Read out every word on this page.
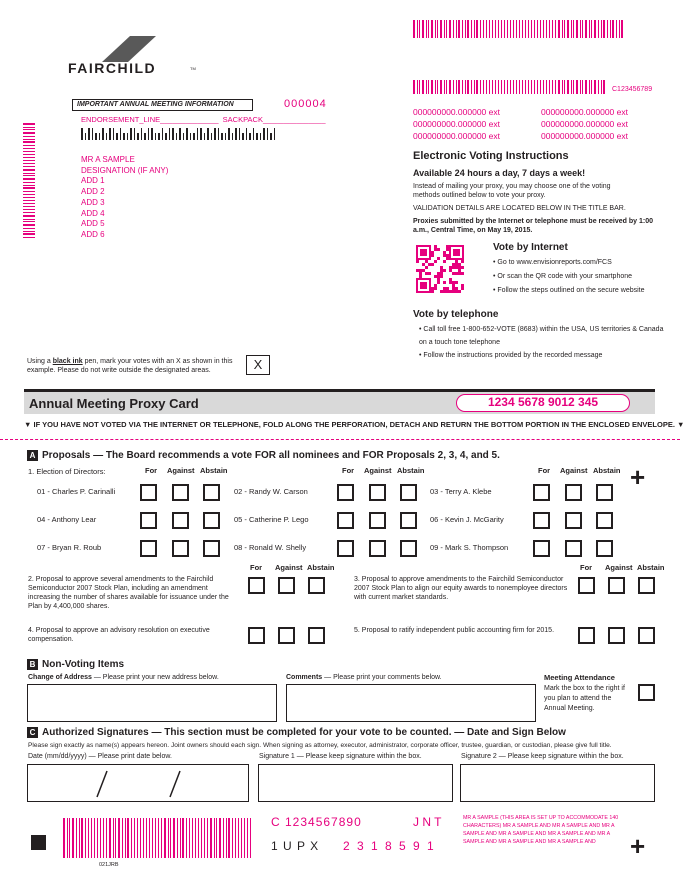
C123456789
FAIRCHILD	TM
IMPORTANT ANNUAL MEETING INFORMATION	000004
ENDORSEMENT_LINE______________ SACKPACK_______________
MR A SAMPLE
DESIGNATION (IF ANY)
ADD 1
ADD 2
ADD 3
ADD 4
ADD 5
ADD 6
000000000.000000 ext	000000000.000000 ext
000000000.000000 ext	000000000.000000 ext
000000000.000000 ext	000000000.000000 ext
Electronic Voting Instructions
Available 24 hours a day, 7 days a week!
Instead of mailing your proxy, you may choose one of the voting methods outlined below to vote your proxy.
VALIDATION DETAILS ARE LOCATED BELOW IN THE TITLE BAR.
Proxies submitted by the Internet or telephone must be received by 1:00 a.m., Central Time, on May 19, 2015.
Vote by Internet
• Go to www.envisionreports.com/FCS
• Or scan the QR code with your smartphone
• Follow the steps outlined on the secure website
Vote by telephone
• Call toll free 1-800-652-VOTE (8683) within the USA, US territories & Canada on a touch tone telephone
• Follow the instructions provided by the recorded message
Using a black ink pen, mark your votes with an X as shown in this example. Please do not write outside the designated areas.	X
Annual Meeting Proxy Card	1234 5678 9012 345
▼ IF YOU HAVE NOT VOTED VIA THE INTERNET OR TELEPHONE, FOLD ALONG THE PERFORATION, DETACH AND RETURN THE BOTTOM PORTION IN THE ENCLOSED ENVELOPE. ▼
A Proposals — The Board recommends a vote FOR all nominees and FOR Proposals 2, 3, 4, and 5.
1. Election of Directors:	For Against Abstain	For Against Abstain	For Against Abstain
01 - Charles P. Carinalli	02 - Randy W. Carson	03 - Terry A. Klebe
04 - Anthony Lear	05 - Catherine P. Lego	06 - Kevin J. McGarity
07 - Bryan R. Roub	08 - Ronald W. Shelly	09 - Mark S. Thompson
+
For Against Abstain	For Against Abstain
2. Proposal to approve several amendments to the Fairchild Semiconductor 2007 Stock Plan, including an amendment increasing the number of shares available for issuance under the Plan by 4,400,000 shares.
3. Proposal to approve amendments to the Fairchild Semiconductor 2007 Stock Plan to align our equity awards to nonemployee directors with current market standards.
4. Proposal to approve an advisory resolution on executive compensation.
5. Proposal to ratify independent public accounting firm for 2015.
B Non-Voting Items
Change of Address — Please print your new address below.	Comments — Please print your comments below.	Meeting Attendance
Mark the box to the right if you plan to attend the Annual Meeting.
C Authorized Signatures — This section must be completed for your vote to be counted. — Date and Sign Below
Please sign exactly as name(s) appears hereon. Joint owners should each sign. When signing as attorney, executor, administrator, corporate officer, trustee, guardian, or custodian, please give full title.
Date (mm/dd/yyyy) — Please print date below.	Signature 1 — Please keep signature within the box.	Signature 2 — Please keep signature within the box.
C 1234567890	J N T
1 U P X 2 3 1 8 5 9 1
MR A SAMPLE (THIS AREA IS SET UP TO ACCOMMODATE 140 CHARACTERS) MR A SAMPLE AND MR A SAMPLE AND MR A SAMPLE AND MR A SAMPLE AND MR A SAMPLE AND MR A SAMPLE AND MR A SAMPLE AND MR A SAMPLE AND	+
021JRB
